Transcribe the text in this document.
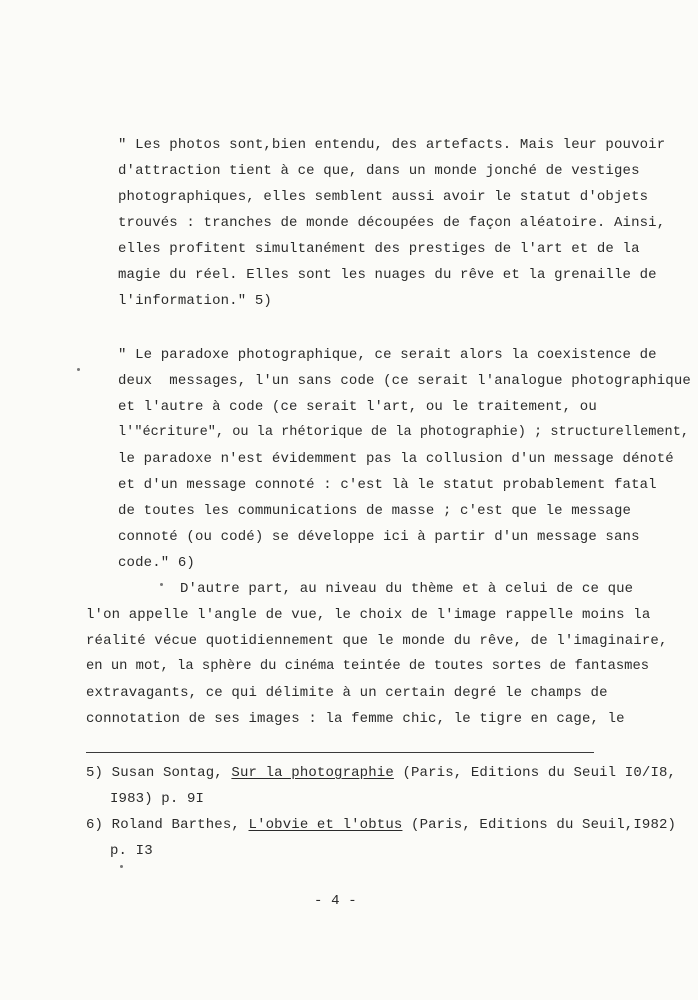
" Les photos sont,bien entendu, des artefacts. Mais leur pouvoir
d'attraction tient à ce que, dans un monde jonché de vestiges
photographiques, elles semblent aussi avoir le statut d'objets
trouvés : tranches de monde découpées de façon aléatoire. Ainsi,
elles profitent simultanément des prestiges de l'art et de la
magie du réel. Elles sont les nuages du rêve et la grenaille de
l'information." 5)
" Le paradoxe photographique, ce serait alors la coexistence de
deux  messages, l'un sans code (ce serait l'analogue photographique
et l'autre à code (ce serait l'art, ou le traitement, ou
l'"écriture", ou la rhétorique de la photographie) ; structurellement,
le paradoxe n'est évidemment pas la collusion d'un message dénoté
et d'un message connoté : c'est là le statut probablement fatal
de toutes les communications de masse ; c'est que le message
connoté (ou codé) se développe ici à partir d'un message sans
code." 6)
D'autre part, au niveau du thème et à celui de ce que
l'on appelle l'angle de vue, le choix de l'image rappelle moins la
réalité vécue quotidiennement que le monde du rêve, de l'imaginaire,
en un mot, la sphère du cinéma teintée de toutes sortes de fantasmes
extravagants, ce qui délimite à un certain degré le champs de
connotation de ses images : la femme chic, le tigre en cage, le
5) Susan Sontag, Sur la photographie (Paris, Editions du Seuil I0/I8,
I983) p. 9I
6) Roland Barthes, L'obvie et l'obtus (Paris, Editions du Seuil,I982)
p. I3
- 4 -
